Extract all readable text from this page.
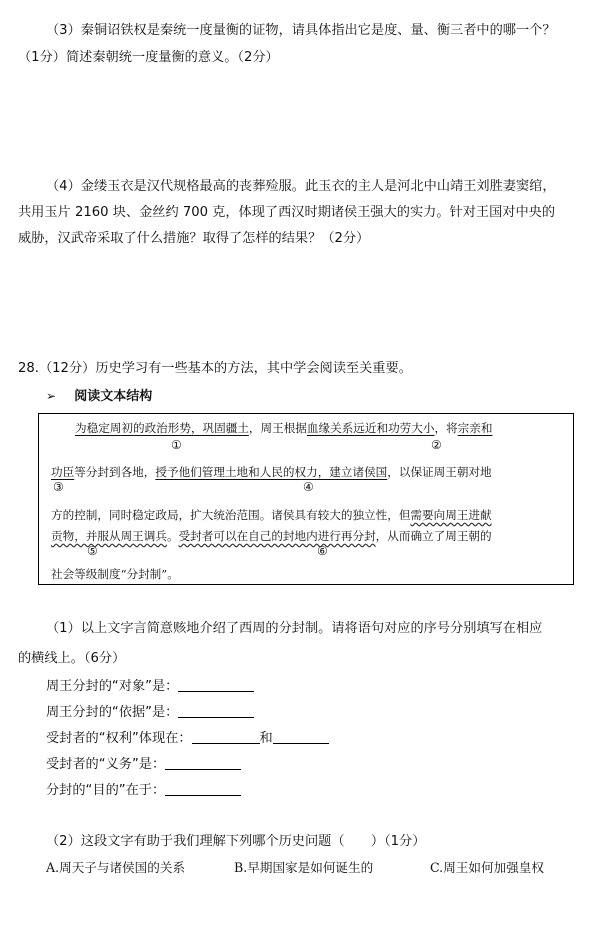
（3）秦铜诏铁权是秦统一度量衡的证物，请具体指出它是度、量、衡三者中的哪一个？
（1分）简述秦朝统一度量衡的意义。（2分）
（4）金缕玉衣是汉代规格最高的丧葬殓服。此玉衣的主人是河北中山靖王刘胜妻窦绾，
共用玉片 2160 块、金丝约 700 克，体现了西汉时期诸侯王强大的实力。针对王国对中央的
威胁，汉武帝采取了什么措施？取得了怎样的结果？（2分）
28.（12分）历史学习有一些基本的方法，其中学会阅读至关重要。
➢ 阅读文本结构
为稳定周初的政治形势，巩固疆土，周王根据血缘关系远近和功劳大小，将宗亲和
①	②
功臣等分封到各地，授予他们管理土地和人民的权力，建立诸侯国，以保证周王朝对地
③	④
方的控制，同时稳定政局，扩大统治范围。诸侯具有较大的独立性，但需要向周王进献
贡物，并服从周王调兵。受封者可以在自己的封地内进行再分封，从而确立了周王朝的
⑤	⑥
社会等级制度“分封制”。
（1）以上文字言简意赅地介绍了西周的分封制。请将语句对应的序号分别填写在相应
的横线上。（6分）
周王分封的“对象”是：
周王分封的“依据”是：
受封者的“权利”体现在：	和
受封者的“义务”是：
分封的“目的”在于：
（2）这段文字有助于我们理解下列哪个历史问题（　　）（1分）
A.周天子与诸侯国的关系	B.早期国家是如何诞生的	C.周王如何加强皇权
